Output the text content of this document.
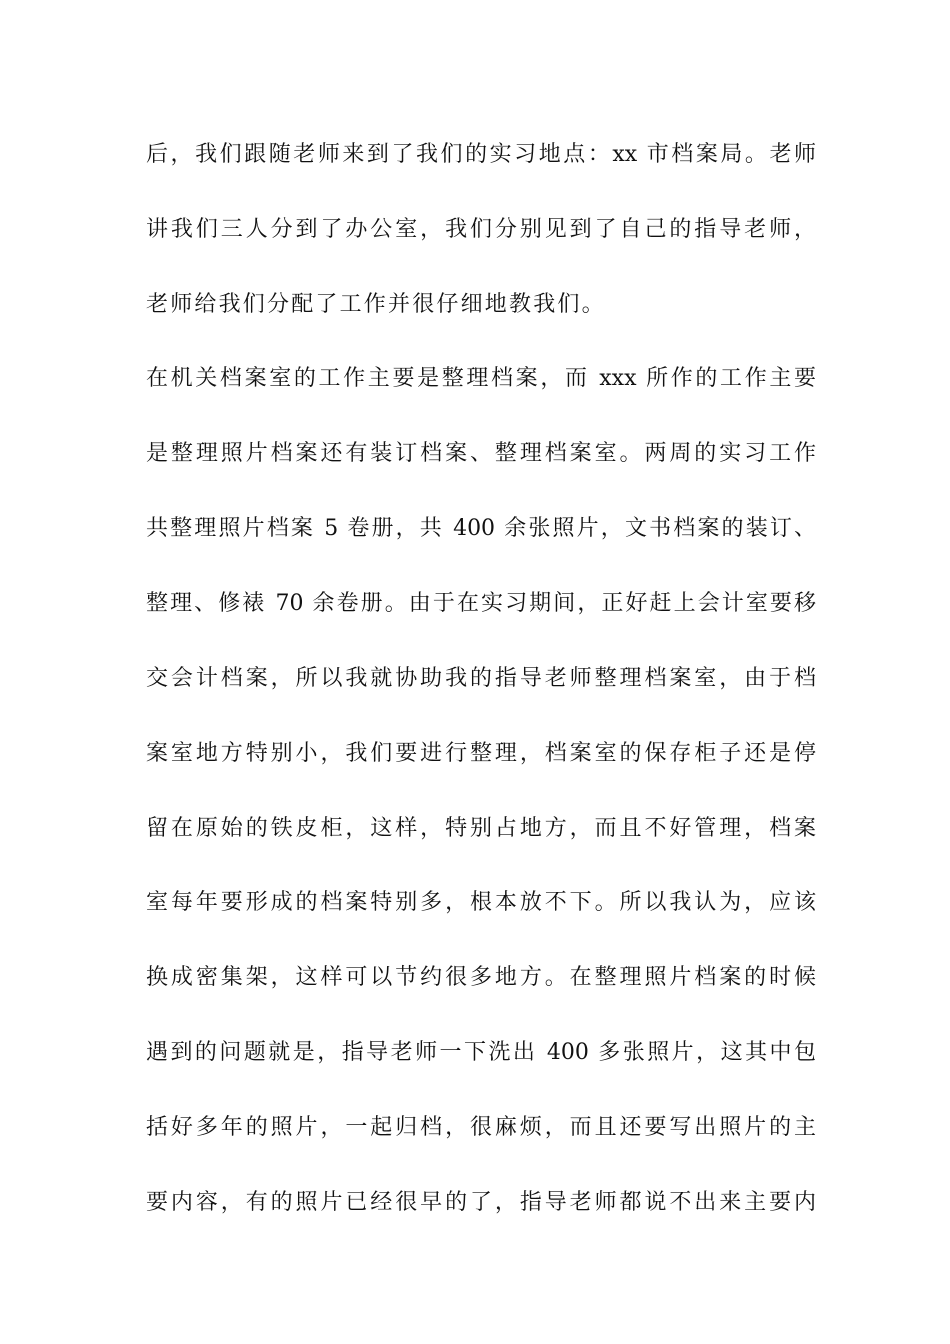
后，我们跟随老师来到了我们的实习地点：xx 市档案局。老师
讲我们三人分到了办公室，我们分别见到了自己的指导老师，
老师给我们分配了工作并很仔细地教我们。
在机关档案室的工作主要是整理档案，而 xxx 所作的工作主要
是整理照片档案还有装订档案、整理档案室。两周的实习工作
共整理照片档案 5 卷册，共 400 余张照片，文书档案的装订、
整理、修裱 70 余卷册。由于在实习期间，正好赶上会计室要移
交会计档案，所以我就协助我的指导老师整理档案室，由于档
案室地方特别小，我们要进行整理，档案室的保存柜子还是停
留在原始的铁皮柜，这样，特别占地方，而且不好管理，档案
室每年要形成的档案特别多，根本放不下。所以我认为，应该
换成密集架，这样可以节约很多地方。在整理照片档案的时候
遇到的问题就是，指导老师一下洗出 400 多张照片，这其中包
括好多年的照片，一起归档，很麻烦，而且还要写出照片的主
要内容，有的照片已经很早的了，指导老师都说不出来主要内
